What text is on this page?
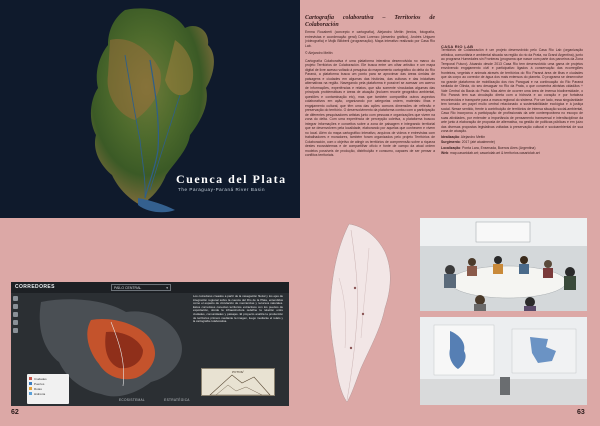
Cuenca del Plata
The Paraguay-Paraná River Basin
CORREDORES	PAÍLO CENTRAL	▾
Ciudades
Puertos
Rutas
Hidrovía
Los corredores creados a partir de la navegación fluvial y los ejes de integración regional sobre la cuenca del Río de la Plata, entendidos como el espacio de circulación de mercancías y recursos naturales. Estos corredores conectan territorios extractivos con los puertos de exportación, donde la infraestructura redefine la relación entre ciudades, comunidades y paisajes. El proyecto analiza la producción de territorios primero mediante la imagen, luego mediante el relato y la cartografía colaborativa.
POTOSÍ
ECOSISTEMAL	ESTRATÉGICA
62
Cartografía colaborativa – Territorios de Colaboración
Emma Rocaberti (concepto e cartografía), Alejandro Meitin (textos, fotografía, entrevistas e coordenação geral) Dani Lorenzo (desenho gráfico), Andrés Uriguen (videografia) e Mojik Blikberli (programação). Mapa interativo realizado por Casa Rio Lab.
© Alejandro Meitin

Cartografía Colaborativa é uma plataforma interativa desenvolvida no marco do projeto Territórios de Colaboración. Ele busca entre um olhar artístico e um mapa digital de livre acesso voltado à pesquisa do mapeamento cartográfico do delta do Río Paraná, a plataforma busca um ponto para se aproximar das áreas úmidas de paisagens e ciudades em algumas das histórias, das culturas e das iniciativas alternativas na região. Navegando pela plataforma é possível se acessar um acervo de informações, experiências e relatos, que são somente vinculadas algumas das principais problemáticas e áreas de atuação (incluem recorte geográfico ambiental, questões e contaminação etc), mas que também compartilha outros aspectos colaborativos em ação, organizando por categorias ordem, materiais: ilhas e engajamento cultural, que têm uma das ações comuns dimensões de reflexão e preservação do território. O desenvolvimento da plataforma contou com a participação de diferentes pesquisadores artistas junto com pessoas e organizações que vivem na zona do delta. Com uma experiência de percepção coletiva, a plataforma buscou integrar informações e conceitos sobre a zona de paisagem e integrando territorial que se desenvolvem pela localidade, elaborando por aquelas que conhecem e vivem no local. Além do mapa cartográfico interativo, arquivos de vídeos e entrevistas com trabalhadores e moradores, também foram organizados pelo projeto Territórios de Colaboración, com o objetivo de atingir os territórios de compreensão sobre a riqueza destes ecossistemas e de compartilhar ofício e fonte de campo da atual ordem modelos possíveis de produção, distribuição e consumo, capazes de ser pensar a conflitos territoriais.

CASA RIO LAB

Territórios de Colaboración é um projeto desenvolvido pelo Casa Rio Lab (organização artística, comunitária e ambiental situada na região do rio da Prata, na Grand Argentina), junto ao programa Humedales sin Fronteras (programa que nasce com parte dos parceiros da Zona Temporal Futuro). Atuando desde 2013 Casa Rio tem desenvolvido uma gama de projetos envolvendo engajamento civil e participativo ligados à conservação das ecorregiões fronteiras, vegetais e animais através de territórios do Río Paraná área de ilhas e ciudades que da corpo ao corredor de água dos mais extensos do planeta. O programa se desenvolve na grande plataforma de mobilização dos rios Paraguai e na continuação do Rio Paraná sediada de Olinda, do seu desaguar no Rio da Prata, o que concentra ativistas cidadãos + Vale Central da Bacia do Prata. Mas além de ocorrer uma área de imensa biodiversidade, o Río Paraná tem sua circulação direta com a hidrovía e ao coração e por fortaleza reconhecidos e transporte para a marca regional do sistema. Por um lado, essa singularidade tem tornado um papel muito central relacionado a sustentabilidade ecológica e à justiça social. Nesse sentido, frente à contribuição de territórios de intensa situação social-ambiental, Casa Rio incorporou a participação de profissionais da arte contemporânea no escopo de suas atividades, por entender a importância de pensamento transversal e interdisciplinar da arte junto à elaboração de proposta de alternativa, na gestão de políticas públicas e em juízo das diversas propostas legislativas voltadas à preservação cultural e socioambiental de sua zona de atuação.

Idealização: Alejandro Meitin
Surgimento: 2017 (até atualmente)
Localização: Ponta Lara, Ensenada, Buenos Aires (Argentina)
Web: map.casariolab.art; casariolab.art & territorios.casariolab.art
63
